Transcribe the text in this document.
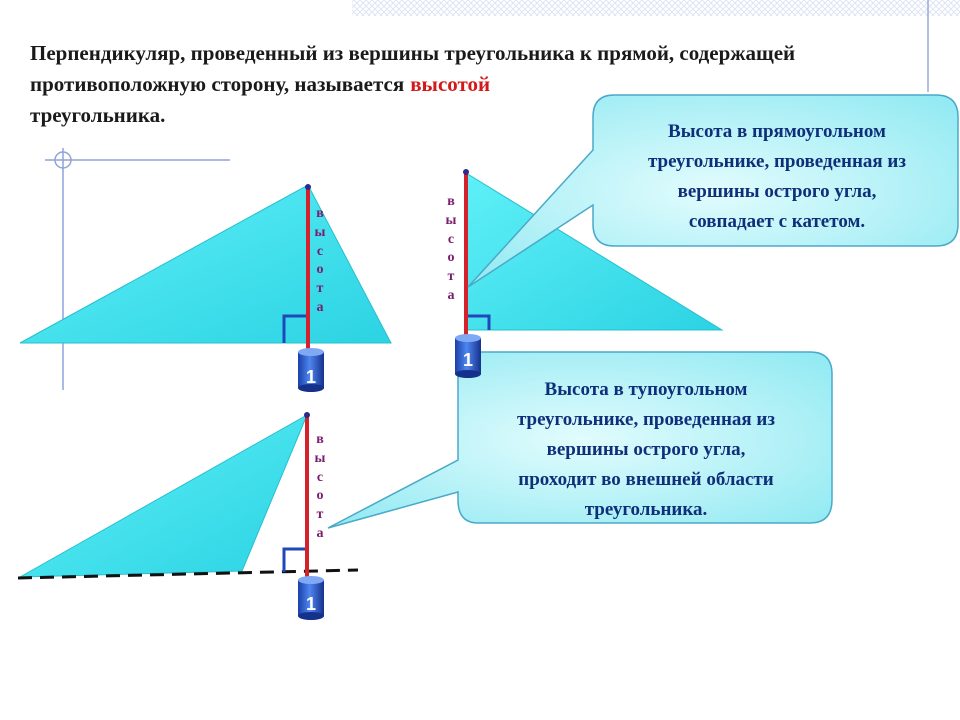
Перпендикуляр, проведенный из вершины треугольника к прямой, содержащей противоположную сторону, называется высотой
треугольника.
в
ы
с
о
т
а
в
ы
с
о
т
а
в
ы
с
о
т
а
Высота в прямоугольном
треугольнике, проведенная из
вершины острого угла,
совпадает с катетом.
Высота в тупоугольном
треугольнике, проведенная из
вершины острого угла,
проходит во внешней области
треугольника.
1
1
1
